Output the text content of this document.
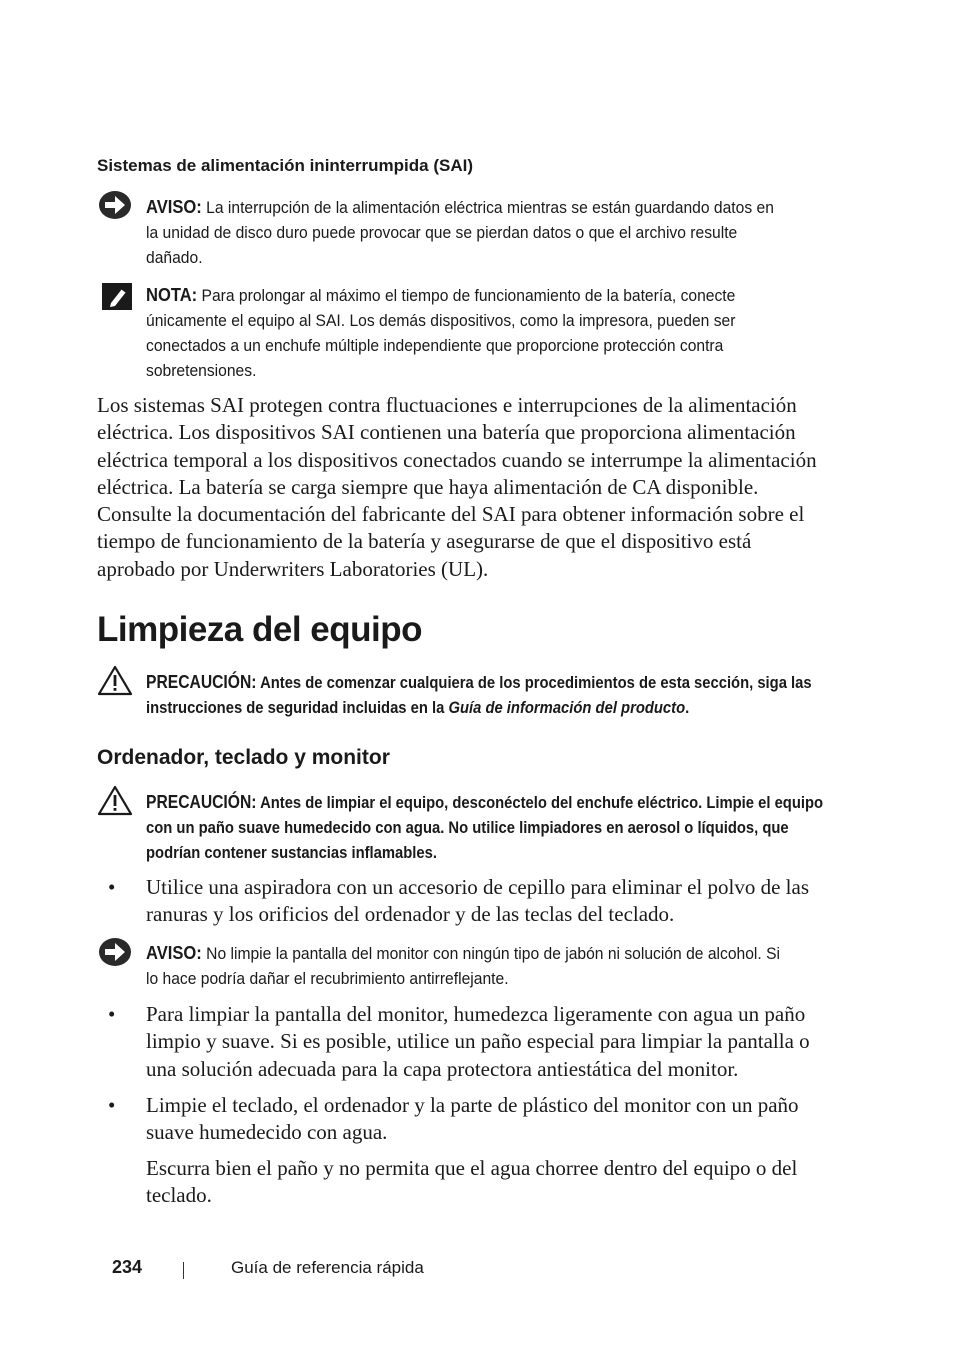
Sistemas de alimentación ininterrumpida (SAI)
AVISO: La interrupción de la alimentación eléctrica mientras se están guardando datos en la unidad de disco duro puede provocar que se pierdan datos o que el archivo resulte dañado.
NOTA: Para prolongar al máximo el tiempo de funcionamiento de la batería, conecte únicamente el equipo al SAI. Los demás dispositivos, como la impresora, pueden ser conectados a un enchufe múltiple independiente que proporcione protección contra sobretensiones.
Los sistemas SAI protegen contra fluctuaciones e interrupciones de la alimentación eléctrica. Los dispositivos SAI contienen una batería que proporciona alimentación eléctrica temporal a los dispositivos conectados cuando se interrumpe la alimentación eléctrica. La batería se carga siempre que haya alimentación de CA disponible. Consulte la documentación del fabricante del SAI para obtener información sobre el tiempo de funcionamiento de la batería y asegurarse de que el dispositivo está aprobado por Underwriters Laboratories (UL).
Limpieza del equipo
PRECAUCIÓN: Antes de comenzar cualquiera de los procedimientos de esta sección, siga las instrucciones de seguridad incluidas en la Guía de información del producto.
Ordenador, teclado y monitor
PRECAUCIÓN: Antes de limpiar el equipo, desconéctelo del enchufe eléctrico. Limpie el equipo con un paño suave humedecido con agua. No utilice limpiadores en aerosol o líquidos, que podrían contener sustancias inflamables.
• Utilice una aspiradora con un accesorio de cepillo para eliminar el polvo de las ranuras y los orificios del ordenador y de las teclas del teclado.
AVISO: No limpie la pantalla del monitor con ningún tipo de jabón ni solución de alcohol. Si lo hace podría dañar el recubrimiento antirreflejante.
• Para limpiar la pantalla del monitor, humedezca ligeramente con agua un paño limpio y suave. Si es posible, utilice un paño especial para limpiar la pantalla o una solución adecuada para la capa protectora antiestática del monitor.
• Limpie el teclado, el ordenador y la parte de plástico del monitor con un paño suave humedecido con agua.
Escurra bien el paño y no permita que el agua chorree dentro del equipo o del teclado.
234	Guía de referencia rápida
